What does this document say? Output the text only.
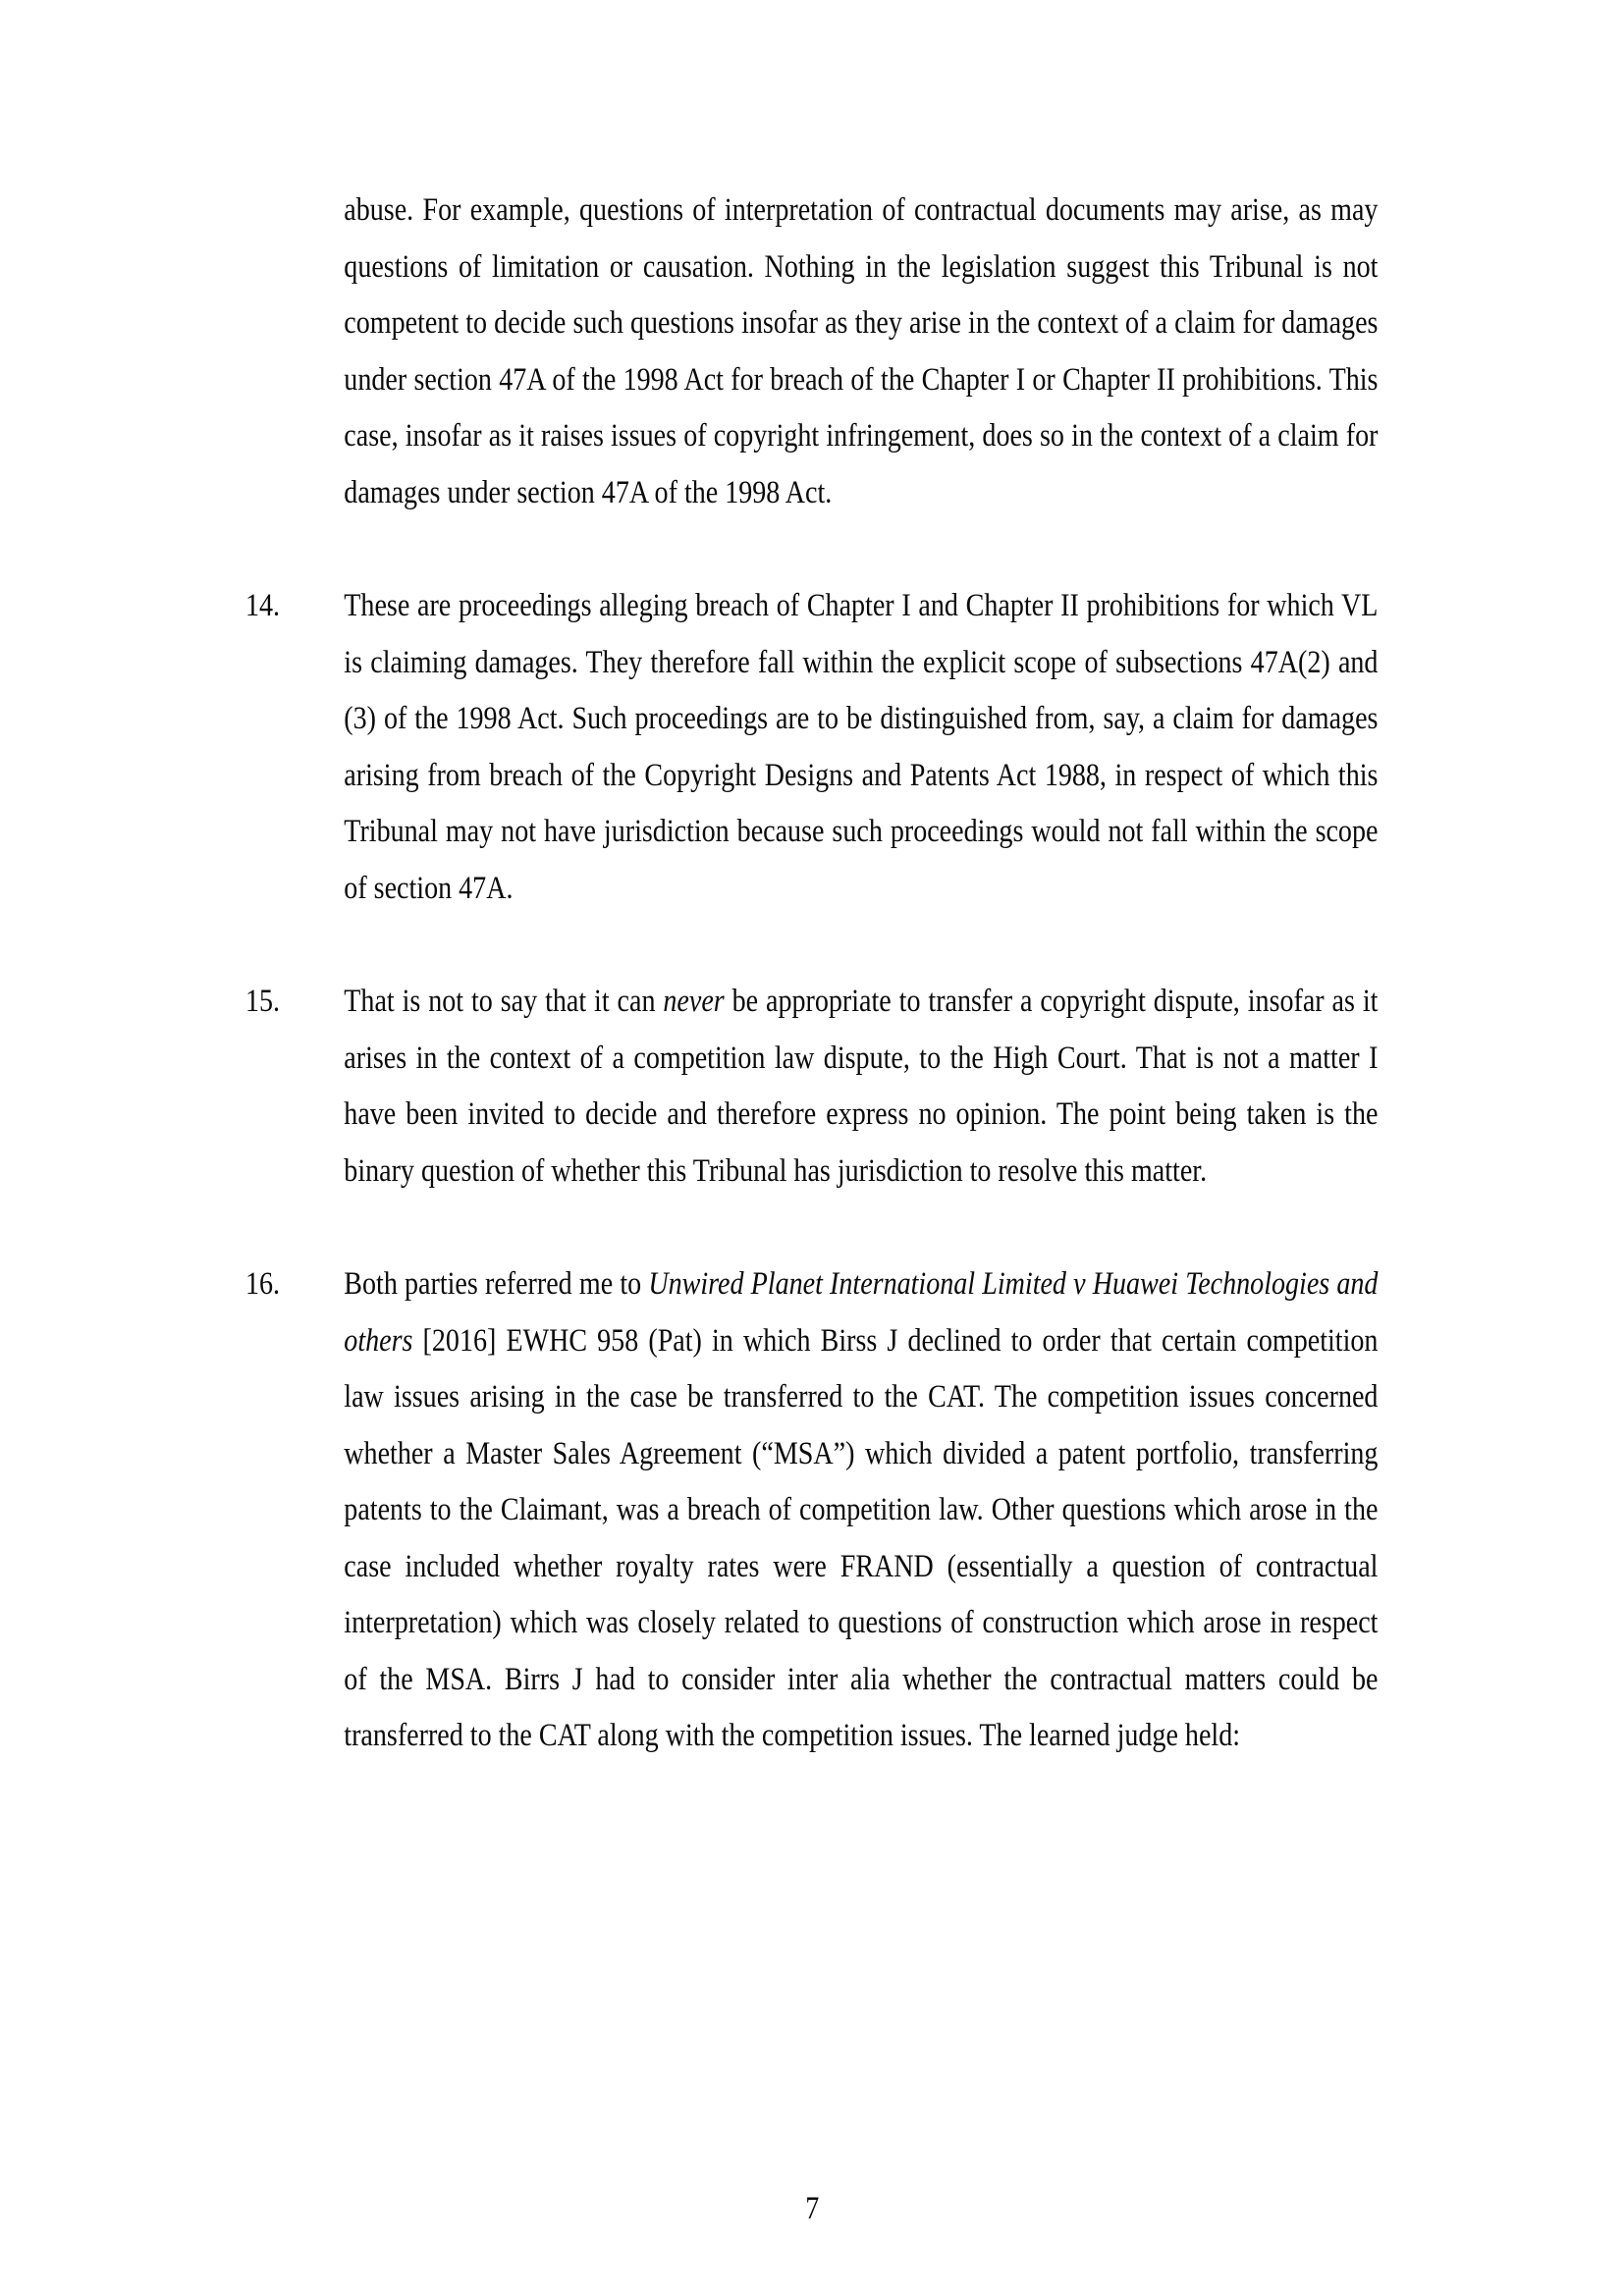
abuse. For example, questions of interpretation of contractual documents may arise, as may questions of limitation or causation. Nothing in the legislation suggest this Tribunal is not competent to decide such questions insofar as they arise in the context of a claim for damages under section 47A of the 1998 Act for breach of the Chapter I or Chapter II prohibitions. This case, insofar as it raises issues of copyright infringement, does so in the context of a claim for damages under section 47A of the 1998 Act.
14. These are proceedings alleging breach of Chapter I and Chapter II prohibitions for which VL is claiming damages. They therefore fall within the explicit scope of subsections 47A(2) and (3) of the 1998 Act. Such proceedings are to be distinguished from, say, a claim for damages arising from breach of the Copyright Designs and Patents Act 1988, in respect of which this Tribunal may not have jurisdiction because such proceedings would not fall within the scope of section 47A.
15. That is not to say that it can never be appropriate to transfer a copyright dispute, insofar as it arises in the context of a competition law dispute, to the High Court. That is not a matter I have been invited to decide and therefore express no opinion. The point being taken is the binary question of whether this Tribunal has jurisdiction to resolve this matter.
16. Both parties referred me to Unwired Planet International Limited v Huawei Technologies and others [2016] EWHC 958 (Pat) in which Birss J declined to order that certain competition law issues arising in the case be transferred to the CAT. The competition issues concerned whether a Master Sales Agreement (“MSA”) which divided a patent portfolio, transferring patents to the Claimant, was a breach of competition law. Other questions which arose in the case included whether royalty rates were FRAND (essentially a question of contractual interpretation) which was closely related to questions of construction which arose in respect of the MSA. Birrs J had to consider inter alia whether the contractual matters could be transferred to the CAT along with the competition issues. The learned judge held:
7
